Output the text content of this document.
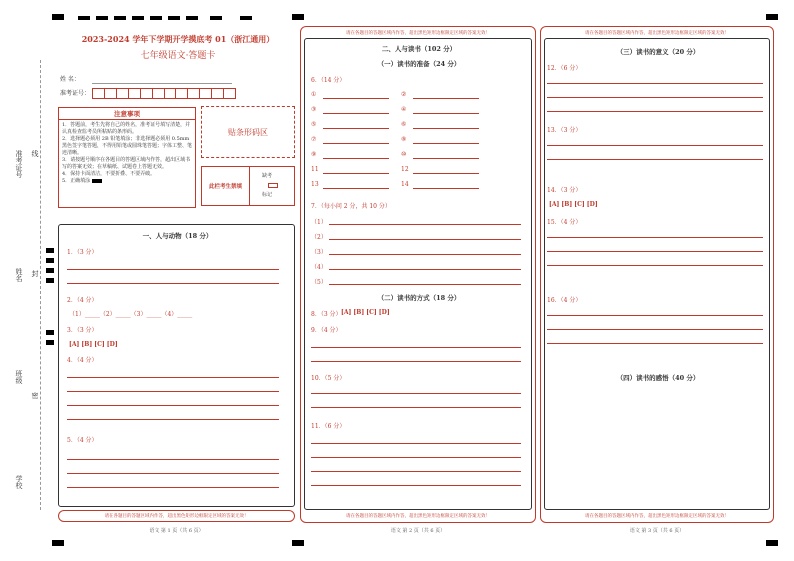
准考证号 线
姓名 封
班级
密
学校
2023-2024 学年下学期开学摸底考 01（浙江通用）
七年级语文·答题卡
姓 名：
准考证号：
注意事项
1．答题前，考生先将自己的姓名，准考证号填写清楚，并认真检查监考员所粘贴的条形码。
2．选择题必须用 2B 铅笔填涂；非选择题必须用 0.5mm 黑色签字笔答题，不得用铅笔或圆珠笔答题；字体工整、笔迹清晰。
3．请按题号顺序在各题目的答题区域内作答，超出区域书写的答案无效；在草稿纸、试题卷上答题无效。
4．保持卡面清洁，不要折叠、不要弄破。
5．正确填涂
贴条形码区
此栏考生禁填
缺考
标记
一、人与动物（18 分）
1．（3 分）
2．（4 分）
（1）_____（2）_____（3）_____（4）_____
3．（3 分）
[A] [B] [C] [D]
4．（4 分）
5．（4 分）
请在各题目的答题区域内作答，超出黑色矩形边框限定区域的答案无效！
语文 第 1 页（共 6 页）
请在各题目的答题区域内作答，超出黑色矩形边框限定区域的答案无效！
二、人与读书（102 分）
（一）读书的准备（24 分）
6．（14 分）
①	②
③	④
⑤	⑥
⑦	⑧
⑨	⑩
11	12
13	14
7．（每小问 2 分，共 10 分）
（1）
（2）
（3）
（4）
（5）
（二）读书的方式（18 分）
8．（3 分） [A] [B] [C] [D]
9．（4 分）
10．（5 分）
11．（6 分）
请在各题目的答题区域内作答，超出黑色矩形边框限定区域的答案无效！
语文 第 2 页（共 6 页）
请在各题目的答题区域内作答，超出黑色矩形边框限定区域的答案无效！
（三）读书的意义（20 分）
12．（6 分）
13．（3 分）
14．（3 分）
[A] [B] [C] [D]
15．（4 分）
16．（4 分）
（四）读书的感悟（40 分）
请在各题目的答题区域内作答，超出黑色矩形边框限定区域的答案无效！
语文 第 3 页（共 6 页）
